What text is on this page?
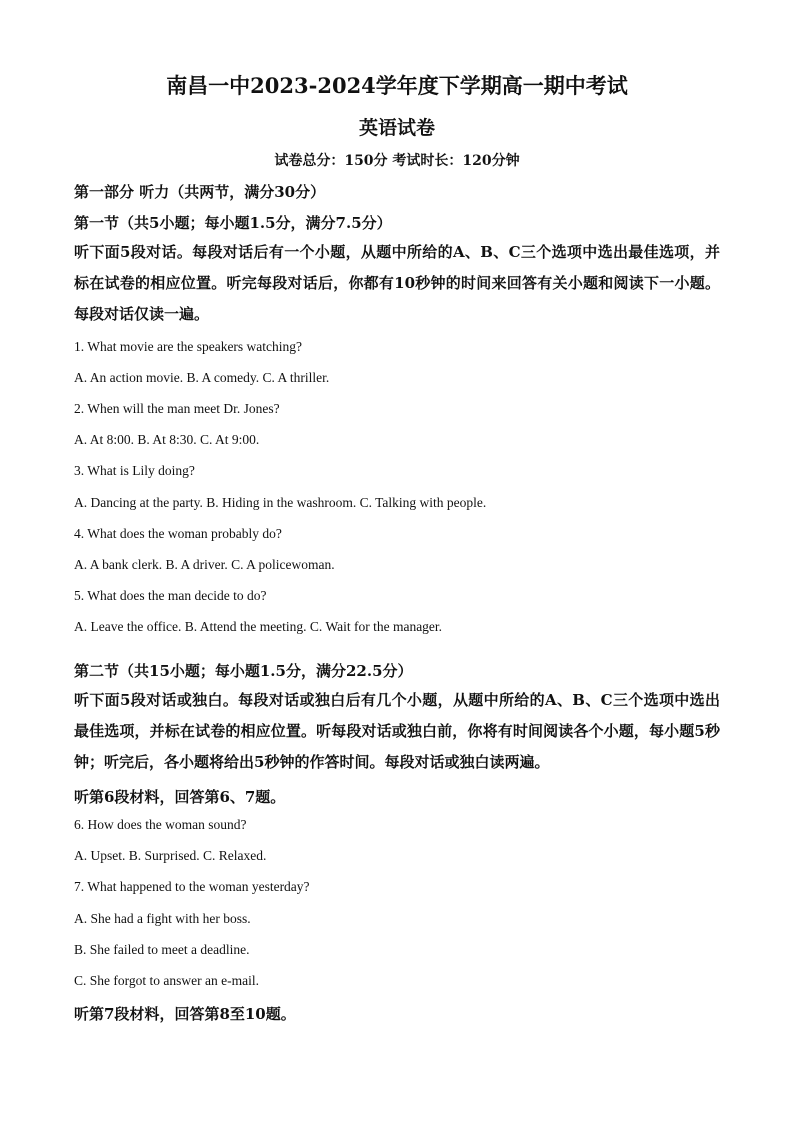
南昌一中2023-2024学年度下学期高一期中考试
英语试卷
试卷总分：150分 考试时长：120分钟
第一部分 听力（共两节，满分30分）
第一节（共5小题；每小题1.5分，满分7.5分）
听下面5段对话。每段对话后有一个小题，从题中所给的A、B、C三个选项中选出最佳选项，并标在试卷的相应位置。听完每段对话后，你都有10秒钟的时间来回答有关小题和阅读下一小题。每段对话仅读一遍。
1. What movie are the speakers watching?
A. An action movie. B. A comedy. C. A thriller.
2. When will the man meet Dr. Jones?
A. At 8:00. B. At 8:30. C. At 9:00.
3. What is Lily doing?
A. Dancing at the party. B. Hiding in the washroom. C. Talking with people.
4. What does the woman probably do?
A. A bank clerk. B. A driver. C. A policewoman.
5. What does the man decide to do?
A. Leave the office. B. Attend the meeting. C. Wait for the manager.
第二节（共15小题；每小题1.5分，满分22.5分）
听下面5段对话或独白。每段对话或独白后有几个小题，从题中所给的A、B、C三个选项中选出最佳选项，并标在试卷的相应位置。听每段对话或独白前，你将有时间阅读各个小题，每小题5秒钟；听完后，各小题将给出5秒钟的作答时间。每段对话或独白读两遍。
听第6段材料，回答第6、7题。
6. How does the woman sound?
A. Upset. B. Surprised. C. Relaxed.
7. What happened to the woman yesterday?
A. She had a fight with her boss.
B. She failed to meet a deadline.
C. She forgot to answer an e-mail.
听第7段材料，回答第8至10题。
